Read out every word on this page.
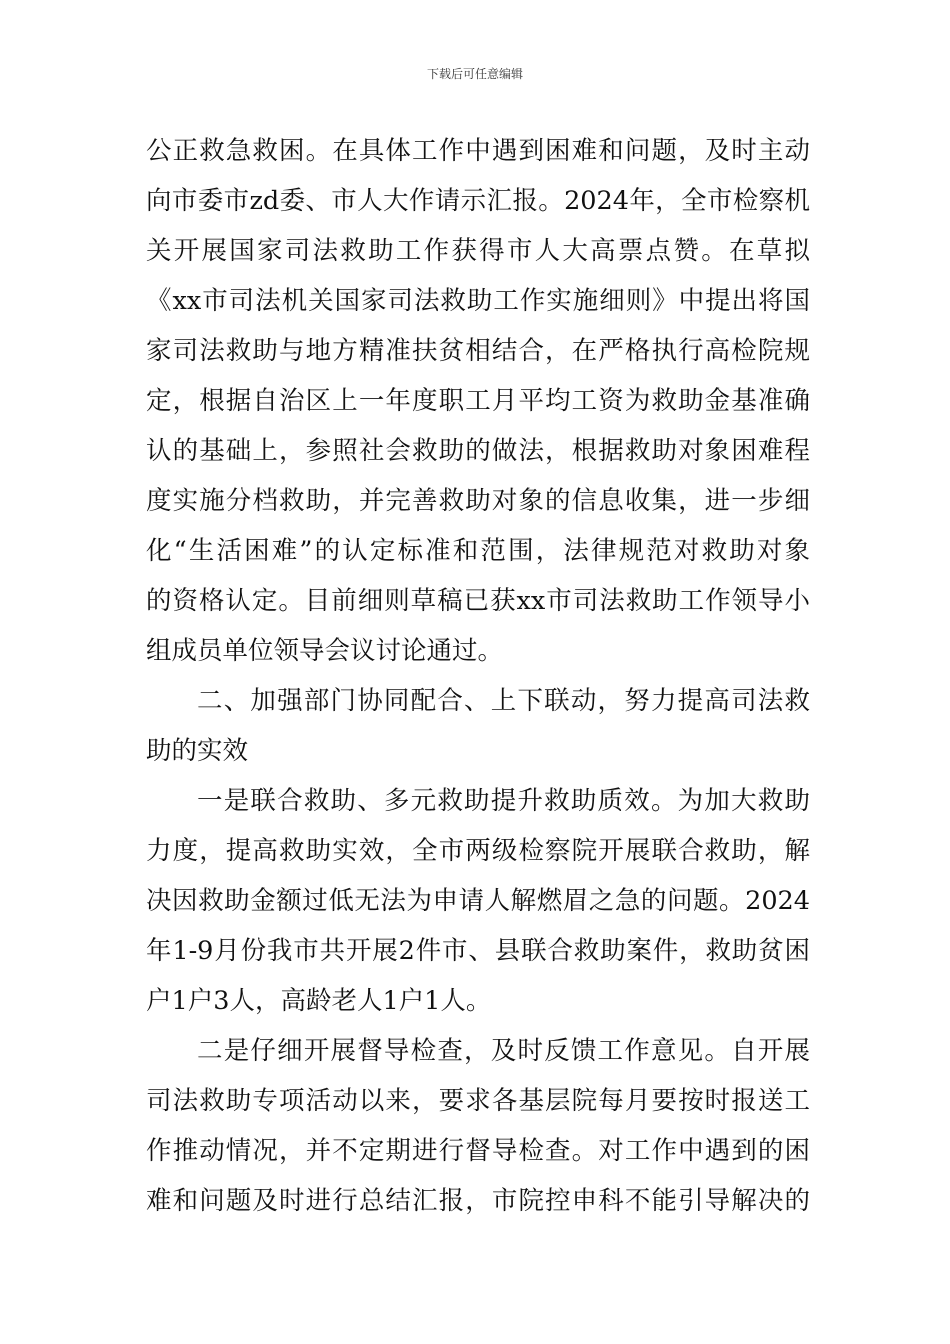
下载后可任意编辑
公正救急救困。在具体工作中遇到困难和问题，及时主动
向市委市zd委、市人大作请示汇报。2024年，全市检察机
关开展国家司法救助工作获得市人大高票点赞。在草拟
《xx市司法机关国家司法救助工作实施细则》中提出将国
家司法救助与地方精准扶贫相结合，在严格执行高检院规
定，根据自治区上一年度职工月平均工资为救助金基准确
认的基础上，参照社会救助的做法，根据救助对象困难程
度实施分档救助，并完善救助对象的信息收集，进一步细
化“生活困难”的认定标准和范围，法律规范对救助对象
的资格认定。目前细则草稿已获xx市司法救助工作领导小
组成员单位领导会议讨论通过。
二、加强部门协同配合、上下联动，努力提高司法救
助的实效
一是联合救助、多元救助提升救助质效。为加大救助
力度，提高救助实效，全市两级检察院开展联合救助，解
决因救助金额过低无法为申请人解燃眉之急的问题。2024
年1-9月份我市共开展2件市、县联合救助案件，救助贫困
户1户3人，高龄老人1户1人。
二是仔细开展督导检查，及时反馈工作意见。自开展
司法救助专项活动以来，要求各基层院每月要按时报送工
作推动情况，并不定期进行督导检查。对工作中遇到的困
难和问题及时进行总结汇报，市院控申科不能引导解决的
